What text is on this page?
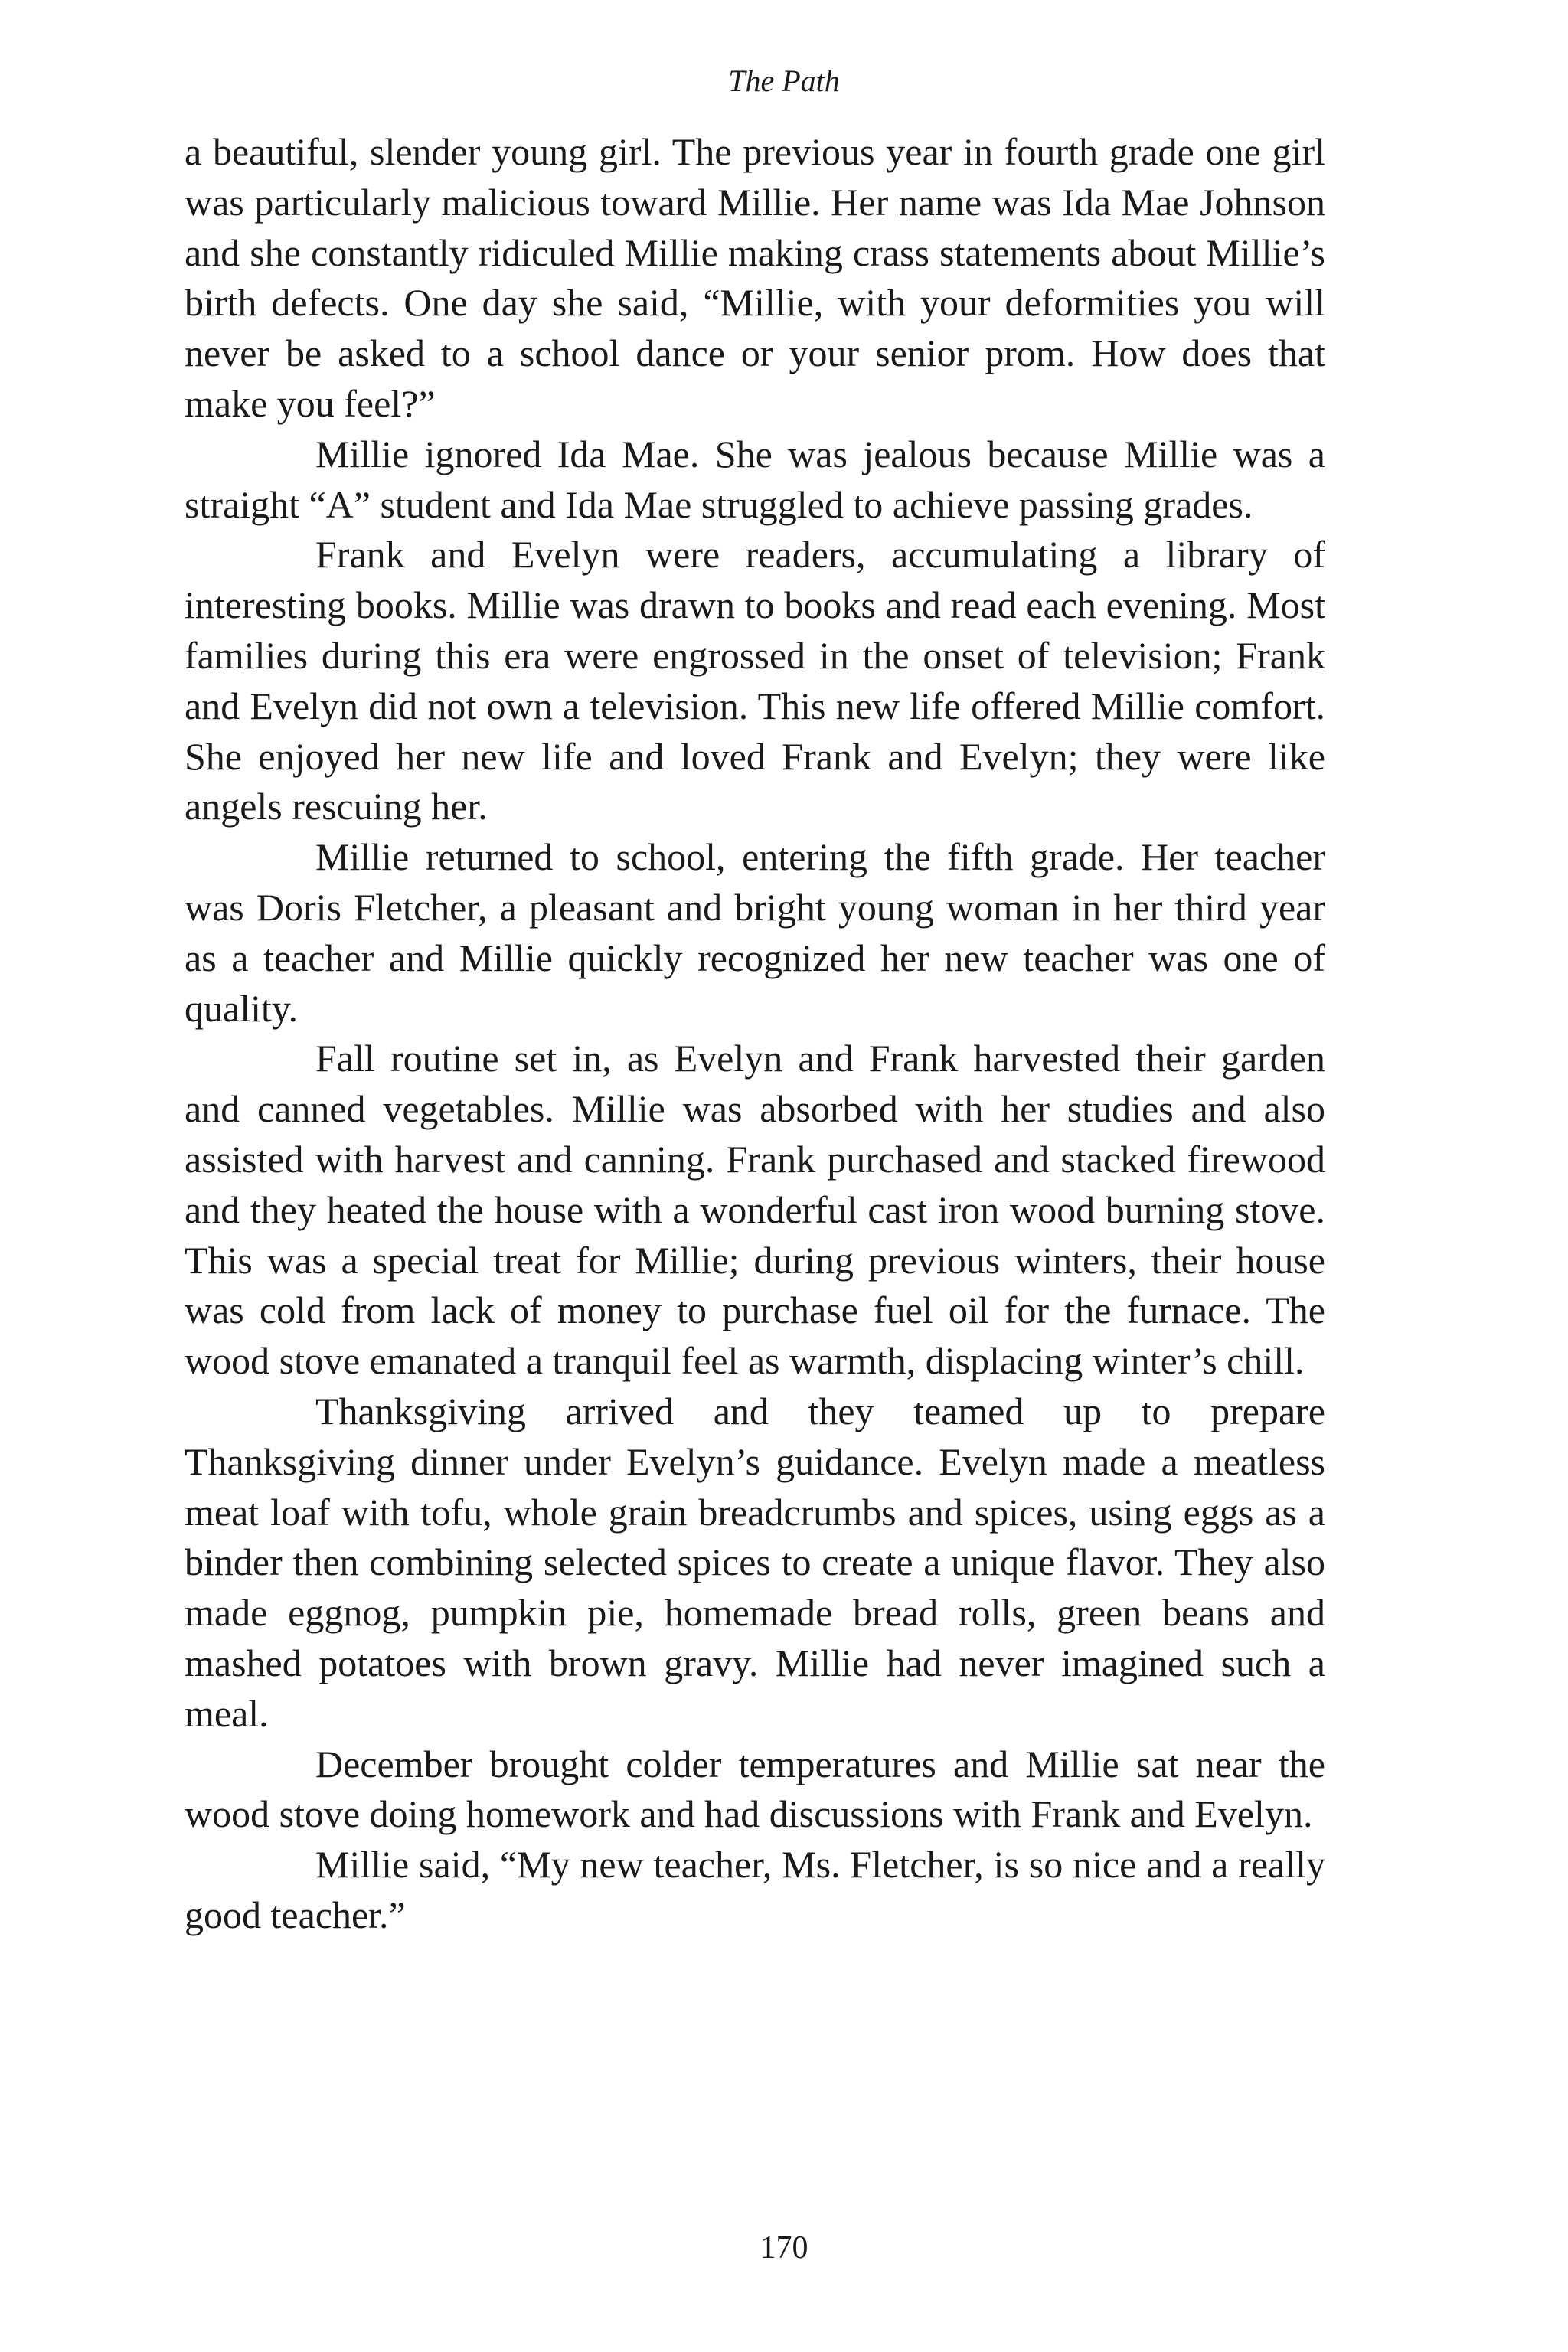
The Path

a beautiful, slender young girl. The previous year in fourth grade one girl was particularly malicious toward Millie. Her name was Ida Mae Johnson and she constantly ridiculed Millie making crass statements about Millie’s birth defects. One day she said, “Millie, with your deformities you will never be asked to a school dance or your senior prom. How does that make you feel?”

Millie ignored Ida Mae. She was jealous because Millie was a straight “A” student and Ida Mae struggled to achieve passing grades.

Frank and Evelyn were readers, accumulating a library of interesting books. Millie was drawn to books and read each evening. Most families during this era were engrossed in the onset of television; Frank and Evelyn did not own a television. This new life offered Millie comfort. She enjoyed her new life and loved Frank and Evelyn; they were like angels rescuing her.

Millie returned to school, entering the fifth grade. Her teacher was Doris Fletcher, a pleasant and bright young woman in her third year as a teacher and Millie quickly recognized her new teacher was one of quality.

Fall routine set in, as Evelyn and Frank harvested their garden and canned vegetables. Millie was absorbed with her studies and also assisted with harvest and canning. Frank purchased and stacked firewood and they heated the house with a wonderful cast iron wood burning stove. This was a special treat for Millie; during previous winters, their house was cold from lack of money to purchase fuel oil for the furnace. The wood stove emanated a tranquil feel as warmth, displacing winter’s chill.

Thanksgiving arrived and they teamed up to prepare Thanksgiving dinner under Evelyn’s guidance. Evelyn made a meatless meat loaf with tofu, whole grain breadcrumbs and spices, using eggs as a binder then combining selected spices to create a unique flavor. They also made eggnog, pumpkin pie, homemade bread rolls, green beans and mashed potatoes with brown gravy. Millie had never imagined such a meal.

December brought colder temperatures and Millie sat near the wood stove doing homework and had discussions with Frank and Evelyn.

Millie said, “My new teacher, Ms. Fletcher, is so nice and a really good teacher.”

170
